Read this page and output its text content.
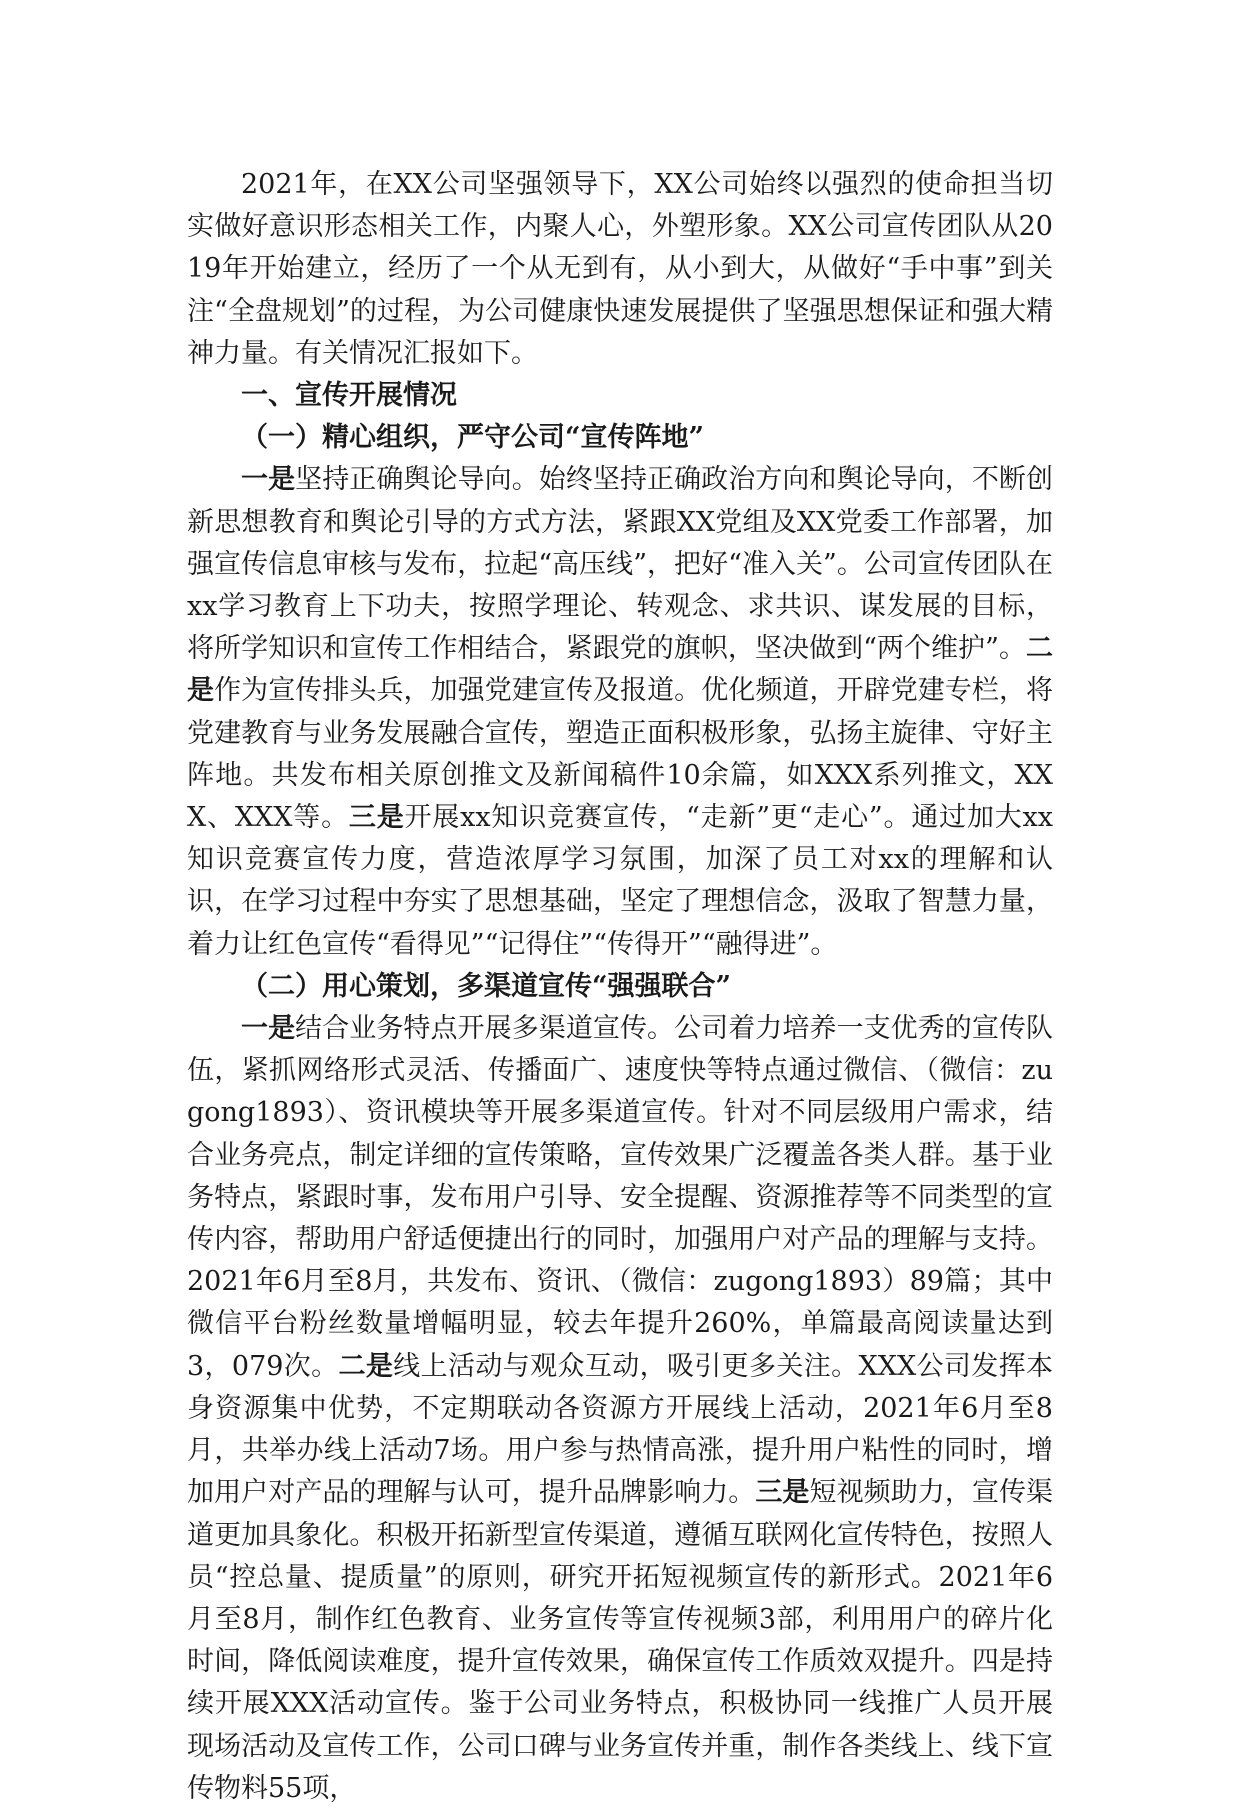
2021年，在XX公司坚强领导下，XX公司始终以强烈的使命担当切实做好意识形态相关工作，内聚人心，外塑形象。XX公司宣传团队从2019年开始建立，经历了一个从无到有，从小到大，从做好“手中事”到关注“全盘规划”的过程，为公司健康快速发展提供了坚强思想保证和强大精神力量。有关情况汇报如下。

一、宣传开展情况

（一）精心组织，严守公司“宣传阵地”

一是坚持正确舆论导向。始终坚持正确政治方向和舆论导向，不断创新思想教育和舆论引导的方式方法，紧跟XX党组及XX党委工作部署，加强宣传信息审核与发布，拉起“高压线”，把好“准入关”。公司宣传团队在xx学习教育上下功夫，按照学理论、转观念、求共识、谋发展的目标，将所学知识和宣传工作相结合，紧跟党的旗帜，坚决做到“两个维护”。二是作为宣传排头兵，加强党建宣传及报道。优化频道，开辟党建专栏，将党建教育与业务发展融合宣传，塑造正面积极形象，弘扬主旋律、守好主阵地。共发布相关原创推文及新闻稿件10余篇，如XXX系列推文，XXX、XXX等。三是开展xx知识竞赛宣传，“走新”更“走心”。通过加大xx知识竞赛宣传力度，营造浓厚学习氛围，加深了员工对xx的理解和认识，在学习过程中夯实了思想基础，坚定了理想信念，汲取了智慧力量，着力让红色宣传“看得见”“记得住”“传得开”“融得进”。

（二）用心策划，多渠道宣传“强强联合”

一是结合业务特点开展多渠道宣传。公司着力培养一支优秀的宣传队伍，紧抓网络形式灵活、传播面广、速度快等特点通过微信、（微信：zugong1893）、资讯模块等开展多渠道宣传。针对不同层级用户需求，结合业务亮点，制定详细的宣传策略，宣传效果广泛覆盖各类人群。基于业务特点，紧跟时事，发布用户引导、安全提醒、资源推荐等不同类型的宣传内容，帮助用户舒适便捷出行的同时，加强用户对产品的理解与支持。2021年6月至8月，共发布、资讯、（微信：zugong1893）89篇；其中微信平台粉丝数量增幅明显，较去年提升260%，单篇最高阅读量达到3，079次。二是线上活动与观众互动，吸引更多关注。XXX公司发挥本身资源集中优势，不定期联动各资源方开展线上活动，2021年6月至8月，共举办线上活动7场。用户参与热情高涨，提升用户粘性的同时，增加用户对产品的理解与认可，提升品牌影响力。三是短视频助力，宣传渠道更加具象化。积极开拓新型宣传渠道，遵循互联网化宣传特色，按照人员“控总量、提质量”的原则，研究开拓短视频宣传的新形式。2021年6月至8月，制作红色教育、业务宣传等宣传视频3部，利用用户的碎片化时间，降低阅读难度，提升宣传效果，确保宣传工作质效双提升。四是持续开展XXX活动宣传。鉴于公司业务特点，积极协同一线推广人员开展现场活动及宣传工作，公司口碑与业务宣传并重，制作各类线上、线下宣传物料55项，
